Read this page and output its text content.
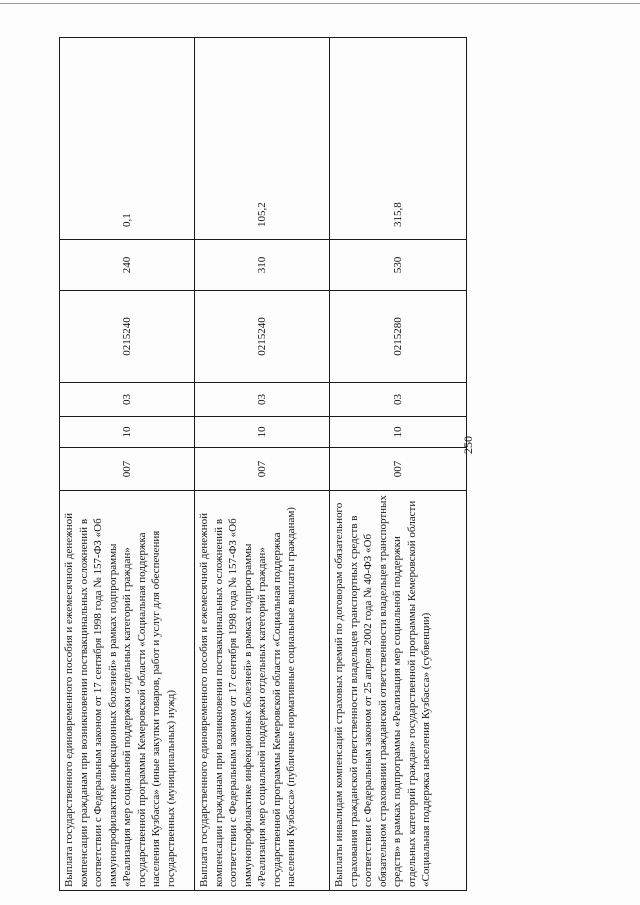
250
Выплата государственного единовременного пособия и ежемесячной денежной компенсации гражданам при возникновении поствакцинальных осложнений в соответствии с Федеральным законом от 17 сентября 1998 года № 157-ФЗ «Об иммунопрофилактике инфекционных болезней» в рамках подпрограммы «Реализация мер социальной поддержки отдельных категорий граждан» государственной программы Кемеровской области «Социальная поддержка населения Кузбасса» (иные закупки товаров, работ и услуг для обеспечения государственных (муниципальных) нужд)	007	10	03	0215240	240	0,1
Выплата государственного единовременного пособия и ежемесячной денежной компенсации гражданам при возникновении поствакцинальных осложнений в соответствии с Федеральным законом от 17 сентября 1998 года № 157-ФЗ «Об иммунопрофилактике инфекционных болезней» в рамках подпрограммы «Реализация мер социальной поддержки отдельных категорий граждан» государственной программы Кемеровской области «Социальная поддержка населения Кузбасса» (публичные нормативные социальные выплаты гражданам)	007	10	03	0215240	310	105,2
Выплаты инвалидам компенсаций страховых премий по договорам обязательного страхования гражданской ответственности владельцев транспортных средств в соответствии с Федеральным законом от 25 апреля 2002 года № 40-ФЗ «Об обязательном страховании гражданской ответственности владельцев транспортных средств» в рамках подпрограммы «Реализация мер социальной поддержки отдельных категорий граждан» государственной программы Кемеровской области «Социальная поддержка населения Кузбасса» (субвенции)	007	10	03	0215280	530	315,8
